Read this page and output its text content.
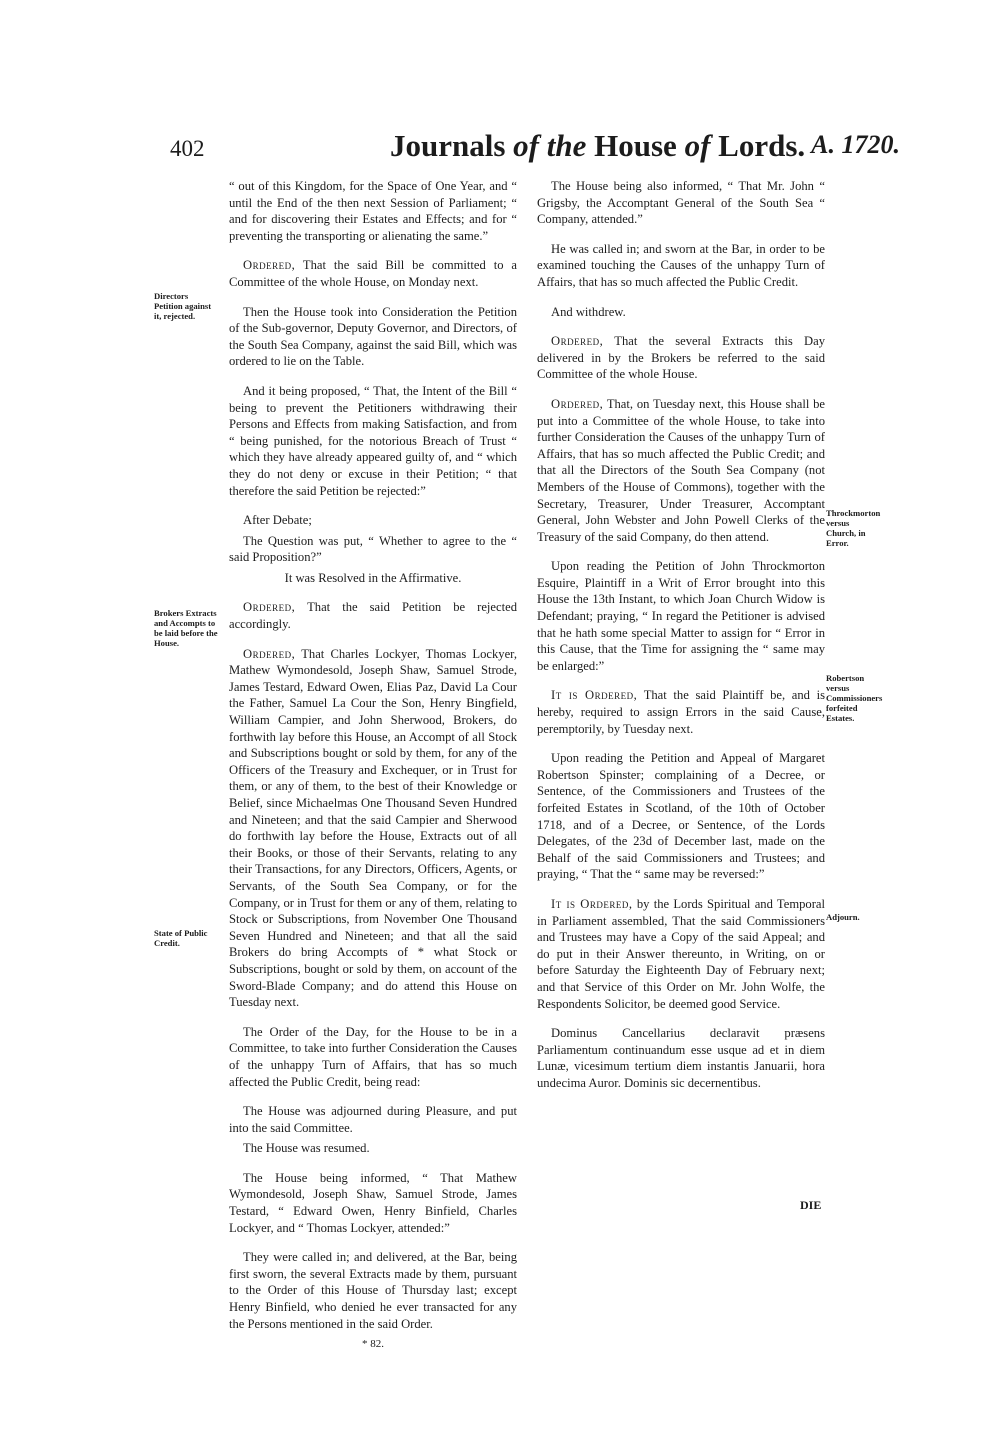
402	Journals of the House of Lords. A. 1720.
Directors Petition against it, rejected.
Brokers Extracts and Accompts to be laid before the House.
State of Public Credit.
Throckmorton versus Church, in Error.
Robertson versus Commissioners forfeited Estates.
Adjourn.

“ out of this Kingdom, for the Space of One Year, and “ until the End of the then next Session of Parliament; “ and for discovering their Estates and Effects; and for “ preventing the transporting or alienating the same.”

Ordered, That the said Bill be committed to a Committee of the whole House, on Monday next.

Then the House took into Consideration the Petition of the Sub-governor, Deputy Governor, and Directors, of the South Sea Company, against the said Bill, which was ordered to lie on the Table.

And it being proposed, “ That, the Intent of the Bill “ being to prevent the Petitioners withdrawing their Persons and Effects from making Satisfaction, and from “ being punished, for the notorious Breach of Trust “ which they have already appeared guilty of, and “ which they do not deny or excuse in their Petition; “ that therefore the said Petition be rejected:”

After Debate;

The Question was put, “ Whether to agree to the “ said Proposition?”

It was Resolved in the Affirmative.

Ordered, That the said Petition be rejected accordingly.

Ordered, That Charles Lockyer, Thomas Lockyer, Mathew Wymondesold, Joseph Shaw, Samuel Strode, James Testard, Edward Owen, Elias Paz, David La Cour the Father, Samuel La Cour the Son, Henry Bingfield, William Campier, and John Sherwood, Brokers, do forthwith lay before this House, an Accompt of all Stock and Subscriptions bought or sold by them, for any of the Officers of the Treasury and Exchequer, or in Trust for them, or any of them, to the best of their Knowledge or Belief, since Michaelmas One Thousand Seven Hundred and Nineteen; and that the said Campier and Sherwood do forthwith lay before the House, Extracts out of all their Books, or those of their Servants, relating to any their Transactions, for any Directors, Officers, Agents, or Servants, of the South Sea Company, or for the Company, or in Trust for them or any of them, relating to Stock or Subscriptions, from November One Thousand Seven Hundred and Nineteen; and that all the said Brokers do bring Accompts of * what Stock or Subscriptions, bought or sold by them, on account of the Sword-Blade Company; and do attend this House on Tuesday next.

The Order of the Day, for the House to be in a Committee, to take into further Consideration the Causes of the unhappy Turn of Affairs, that has so much affected the Public Credit, being read:

The House was adjourned during Pleasure, and put into the said Committee.

The House was resumed.

The House being informed, “ That Mathew Wymondesold, Joseph Shaw, Samuel Strode, James Testard, “ Edward Owen, Henry Binfield, Charles Lockyer, and “ Thomas Lockyer, attended:”

They were called in; and delivered, at the Bar, being first sworn, the several Extracts made by them, pursuant to the Order of this House of Thursday last; except Henry Binfield, who denied he ever transacted for any the Persons mentioned in the said Order.

* 82.

The House being also informed, “ That Mr. John “ Grigsby, the Accomptant General of the South Sea “ Company, attended.”

He was called in; and sworn at the Bar, in order to be examined touching the Causes of the unhappy Turn of Affairs, that has so much affected the Public Credit.

And withdrew.

Ordered, That the several Extracts this Day delivered in by the Brokers be referred to the said Committee of the whole House.

Ordered, That, on Tuesday next, this House shall be put into a Committee of the whole House, to take into further Consideration the Causes of the unhappy Turn of Affairs, that has so much affected the Public Credit; and that all the Directors of the South Sea Company (not Members of the House of Commons), together with the Secretary, Treasurer, Under Treasurer, Accomptant General, John Webster and John Powell Clerks of the Treasury of the said Company, do then attend.

Upon reading the Petition of John Throckmorton Esquire, Plaintiff in a Writ of Error brought into this House the 13th Instant, to which Joan Church Widow is Defendant; praying, “ In regard the Petitioner is advised that he hath some special Matter to assign for “ Error in this Cause, that the Time for assigning the “ same may be enlarged:”

It is Ordered, That the said Plaintiff be, and is hereby, required to assign Errors in the said Cause, peremptorily, by Tuesday next.

Upon reading the Petition and Appeal of Margaret Robertson Spinster; complaining of a Decree, or Sentence, of the Commissioners and Trustees of the forfeited Estates in Scotland, of the 10th of October 1718, and of a Decree, or Sentence, of the Lords Delegates, of the 23d of December last, made on the Behalf of the said Commissioners and Trustees; and praying, “ That the “ same may be reversed:”

It is Ordered, by the Lords Spiritual and Temporal in Parliament assembled, That the said Commissioners and Trustees may have a Copy of the said Appeal; and do put in their Answer thereunto, in Writing, on or before Saturday the Eighteenth Day of February next; and that Service of this Order on Mr. John Wolfe, the Respondents Solicitor, be deemed good Service.

Dominus Cancellarius declaravit præsens Parliamentum continuandum esse usque ad et in diem Lunæ, vicesimum tertium diem instantis Januarii, hora undecima Auror. Dominis sic decernentibus.

DIE
